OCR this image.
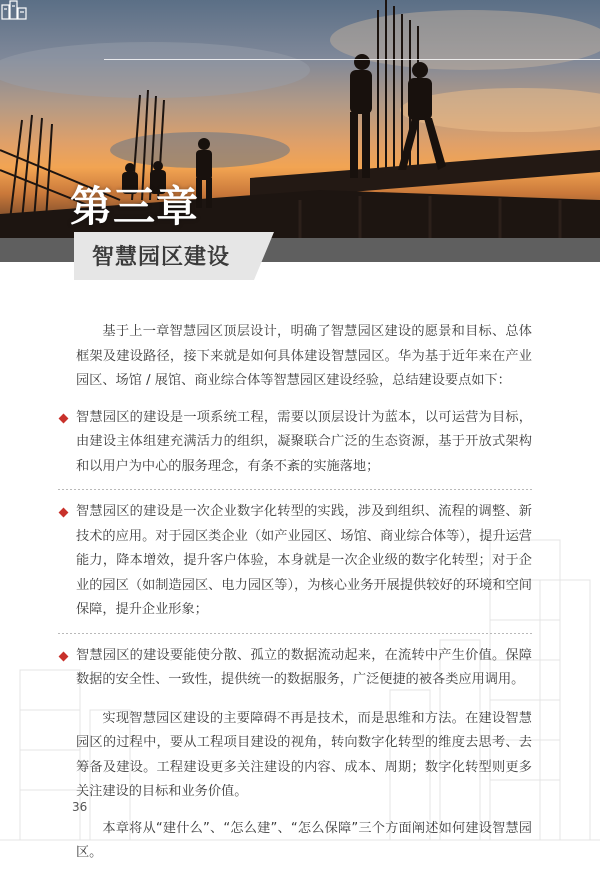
第三章
智慧园区建设

基于上一章智慧园区顶层设计，明确了智慧园区建设的愿景和目标、总体框架及建设路径，接下来就是如何具体建设智慧园区。华为基于近年来在产业园区、场馆 / 展馆、商业综合体等智慧园区建设经验，总结建设要点如下：

智慧园区的建设是一项系统工程，需要以顶层设计为蓝本，以可运营为目标，由建设主体组建充满活力的组织，凝聚联合广泛的生态资源，基于开放式架构和以用户为中心的服务理念，有条不紊的实施落地；

智慧园区的建设是一次企业数字化转型的实践，涉及到组织、流程的调整、新技术的应用。对于园区类企业（如产业园区、场馆、商业综合体等），提升运营能力，降本增效，提升客户体验，本身就是一次企业级的数字化转型；对于企业的园区（如制造园区、电力园区等），为核心业务开展提供较好的环境和空间保障，提升企业形象；

智慧园区的建设要能使分散、孤立的数据流动起来，在流转中产生价值。保障数据的安全性、一致性，提供统一的数据服务，广泛便捷的被各类应用调用。

实现智慧园区建设的主要障碍不再是技术，而是思维和方法。在建设智慧园区的过程中，要从工程项目建设的视角，转向数字化转型的维度去思考、去筹备及建设。工程建设更多关注建设的内容、成本、周期；数字化转型则更多关注建设的目标和业务价值。

本章将从“建什么”、“怎么建”、“怎么保障”三个方面阐述如何建设智慧园区。

36
